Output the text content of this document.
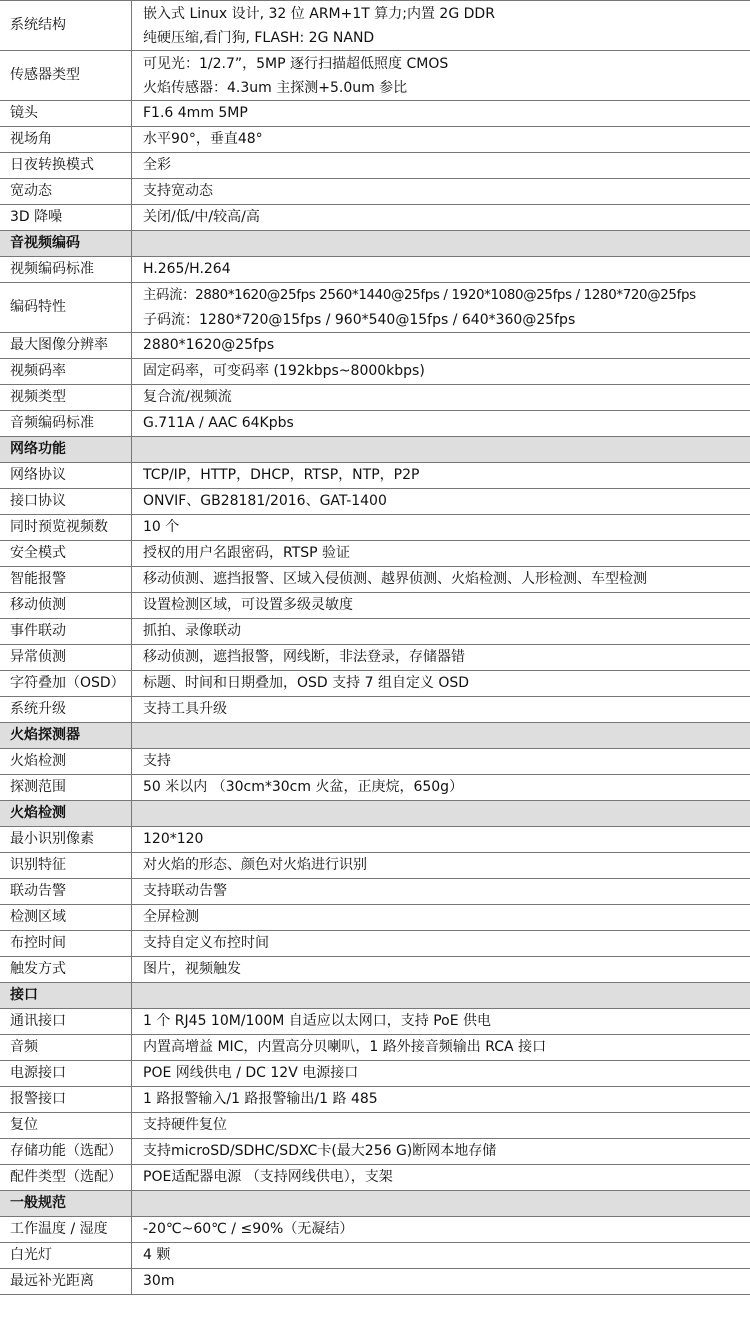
系统结构	嵌入式 Linux 设计, 32 位 ARM+1T 算力;内置 2G DDR
纯硬压缩,看门狗, FLASH: 2G NAND

传感器类型	可见光：1/2.7”，5MP 逐行扫描超低照度 CMOS
火焰传感器：4.3um 主探测+5.0um 参比

镜头	F1.6 4mm 5MP

视场角	水平90°，垂直48°

日夜转换模式	全彩

宽动态	支持宽动态

3D 降噪	关闭/低/中/较高/高

音视频编码	
视频编码标准	H.265/H.264

编码特性	主码流：2880*1620@25fps 2560*1440@25fps / 1920*1080@25fps / 1280*720@25fps
子码流：1280*720@15fps / 960*540@15fps / 640*360@25fps

最大图像分辨率	2880*1620@25fps

视频码率	固定码率，可变码率 (192kbps~8000kbps)

视频类型	复合流/视频流

音频编码标准	G.711A / AAC 64Kpbs

网络功能	
网络协议	TCP/IP，HTTP，DHCP，RTSP，NTP，P2P

接口协议	ONVIF、GB28181/2016、GAT-1400

同时预览视频数	10 个

安全模式	授权的用户名跟密码，RTSP 验证

智能报警	移动侦测、遮挡报警、区域入侵侦测、越界侦测、火焰检测、人形检测、车型检测

移动侦测	设置检测区域，可设置多级灵敏度

事件联动	抓拍、录像联动

异常侦测	移动侦测，遮挡报警，网线断，非法登录，存储器错

字符叠加（OSD）	标题、时间和日期叠加，OSD 支持 7 组自定义 OSD

系统升级	支持工具升级

火焰探测器	
火焰检测	支持

探测范围	50 米以内 （30cm*30cm 火盆，正庚烷，650g）

火焰检测	
最小识别像素	120*120

识别特征	对火焰的形态、颜色对火焰进行识别

联动告警	支持联动告警

检测区域	全屏检测

布控时间	支持自定义布控时间

触发方式	图片，视频触发

接口	
通讯接口	1 个 RJ45 10M/100M 自适应以太网口，支持 PoE 供电

音频	内置高增益 MIC，内置高分贝喇叭，1 路外接音频输出 RCA 接口

电源接口	POE 网线供电 / DC 12V 电源接口

报警接口	1 路报警输入/1 路报警输出/1 路 485

复位	支持硬件复位

存储功能（选配）	支持microSD/SDHC/SDXC卡(最大256 G)断网本地存储

配件类型（选配）	POE适配器电源 （支持网线供电），支架

一般规范	
工作温度 / 湿度	-20℃~60℃ / ≤90%（无凝结）

白光灯	4 颗

最远补光距离	30m
